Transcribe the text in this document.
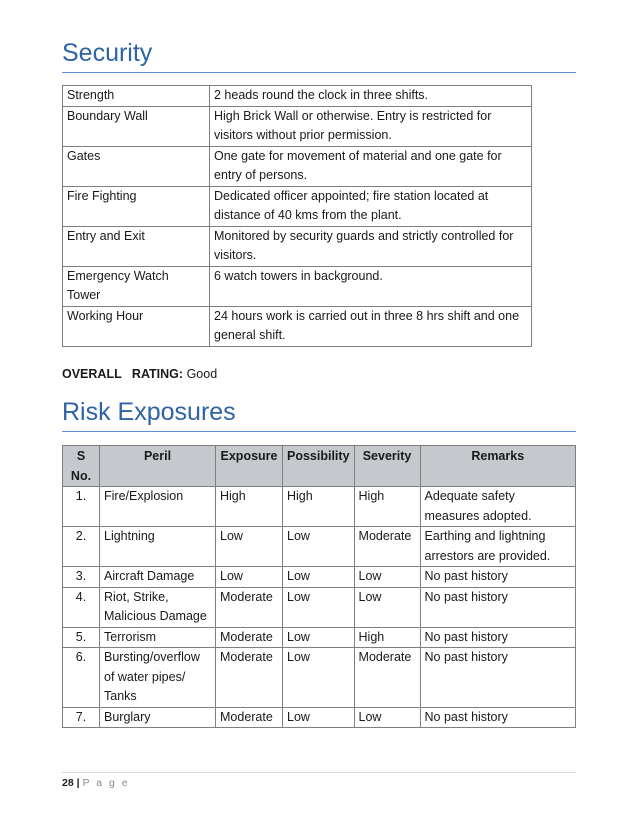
Security
Strength	2 heads round the clock in three shifts.
Boundary Wall	High Brick Wall or otherwise. Entry is restricted for visitors without prior permission.
Gates	One gate for movement of material and one gate for entry of persons.
Fire Fighting	Dedicated officer appointed; fire station located at distance of 40 kms from the plant.
Entry and Exit	Monitored by security guards and strictly controlled for visitors.
Emergency Watch Tower	6 watch towers in background.
Working Hour	24 hours work is carried out in three 8 hrs shift and one general shift.
OVERALL   RATING: Good
Risk Exposures
S No.	Peril	Exposure	Possibility	Severity	Remarks
1.	Fire/Explosion	High	High	High	Adequate safety measures adopted.
2.	Lightning	Low	Low	Moderate	Earthing and lightning arrestors are provided.
3.	Aircraft Damage	Low	Low	Low	No past history
4.	Riot, Strike, Malicious Damage	Moderate	Low	Low	No past history
5.	Terrorism	Moderate	Low	High	No past history
6.	Bursting/overflow of water pipes/ Tanks	Moderate	Low	Moderate	No past history
7.	Burglary	Moderate	Low	Low	No past history
28 | P a g e
